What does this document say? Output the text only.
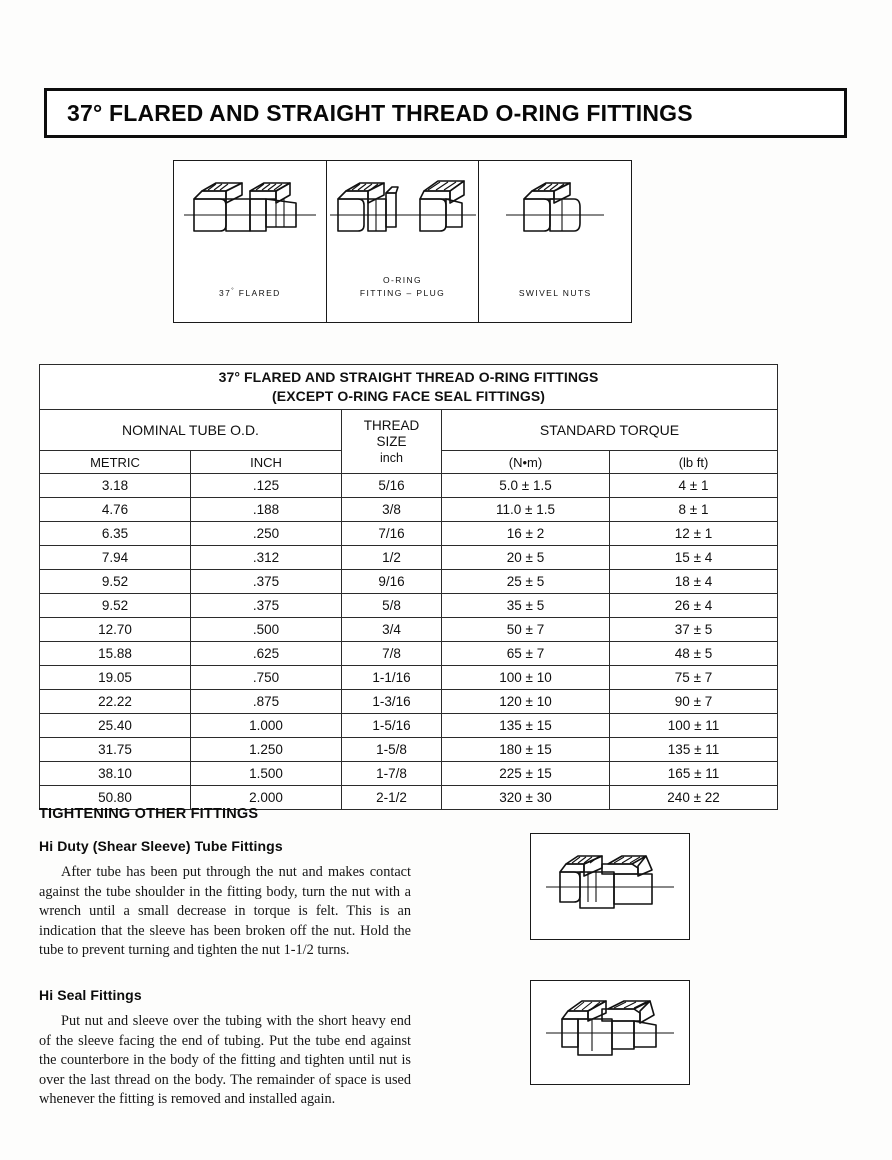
37° FLARED AND STRAIGHT THREAD O-RING FITTINGS
37° FLARED
O-RING
FITTING – PLUG	SWIVEL NUTS
37° FLARED AND STRAIGHT THREAD O-RING FITTINGS
(EXCEPT O-RING FACE SEAL FITTINGS)				

NOMINAL TUBE O.D.		THREAD
SIZE
inch	STANDARD TORQUE	
METRIC	INCH		(N•m)	(lb ft)
3.18	.125	5/16	5.0 ± 1.5	4 ± 1
4.76	.188	3/8	11.0 ± 1.5	8 ± 1
6.35	.250	7/16	16 ± 2	12 ± 1
7.94	.312	1/2	20 ± 5	15 ± 4
9.52	.375	9/16	25 ± 5	18 ± 4
9.52	.375	5/8	35 ± 5	26 ± 4
12.70	.500	3/4	50 ± 7	37 ± 5
15.88	.625	7/8	65 ± 7	48 ± 5
19.05	.750	1-1/16	100 ± 10	75 ± 7
22.22	.875	1-3/16	120 ± 10	90 ± 7
25.40	1.000	1-5/16	135 ± 15	100 ± 11
31.75	1.250	1-5/8	180 ± 15	135 ± 11
38.10	1.500	1-7/8	225 ± 15	165 ± 11
50.80	2.000	2-1/2	320 ± 30	240 ± 22
TIGHTENING OTHER FITTINGS
Hi Duty (Shear Sleeve) Tube Fittings

After tube has been put through the nut and makes contact against the tube shoulder in the fitting body, turn the nut with a wrench until a small decrease in torque is felt. This is an indication that the sleeve has been broken off the nut. Hold the tube to prevent turning and tighten the nut 1-1/2 turns.

Hi Seal Fittings

Put nut and sleeve over the tubing with the short heavy end of the sleeve facing the end of tubing. Put the tube end against the counterbore in the body of the fitting and tighten until nut is over the last thread on the body. The remainder of space is used whenever the fitting is removed and installed again.
